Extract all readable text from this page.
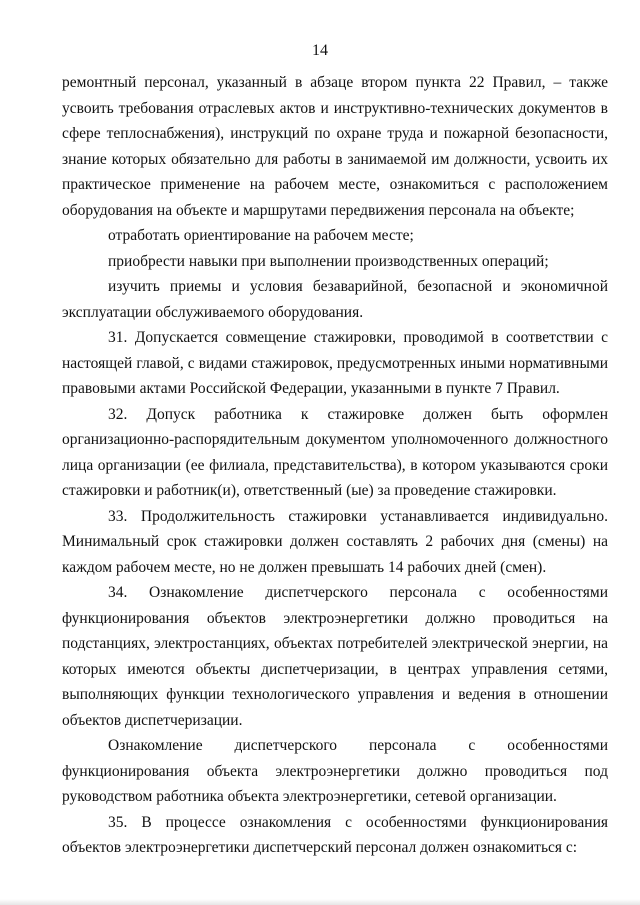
14

ремонтный персонал, указанный в абзаце втором пункта 22 Правил, – также усвоить требования отраслевых актов и инструктивно-технических документов в сфере теплоснабжения), инструкций по охране труда и пожарной безопасности, знание которых обязательно для работы в занимаемой им должности, усвоить их практическое применение на рабочем месте, ознакомиться с расположением оборудования на объекте и маршрутами передвижения персонала на объекте;

отработать ориентирование на рабочем месте;

приобрести навыки при выполнении производственных операций;

изучить приемы и условия безаварийной, безопасной и экономичной эксплуатации обслуживаемого оборудования.

31. Допускается совмещение стажировки, проводимой в соответствии с настоящей главой, с видами стажировок, предусмотренных иными нормативными правовыми актами Российской Федерации, указанными в пункте 7 Правил.

32. Допуск работника к стажировке должен быть оформлен организационно-распорядительным документом уполномоченного должностного лица организации (ее филиала, представительства), в котором указываются сроки стажировки и работник(и), ответственный (ые) за проведение стажировки.

33. Продолжительность стажировки устанавливается индивидуально. Минимальный срок стажировки должен составлять 2 рабочих дня (смены) на каждом рабочем месте, но не должен превышать 14 рабочих дней (смен).

34. Ознакомление диспетчерского персонала с особенностями функционирования объектов электроэнергетики должно проводиться на подстанциях, электростанциях, объектах потребителей электрической энергии, на которых имеются объекты диспетчеризации, в центрах управления сетями, выполняющих функции технологического управления и ведения в отношении объектов диспетчеризации.

Ознакомление диспетчерского персонала с особенностями функционирования объекта электроэнергетики должно проводиться под руководством работника объекта электроэнергетики, сетевой организации.

35. В процессе ознакомления с особенностями функционирования объектов электроэнергетики диспетчерский персонал должен ознакомиться с:
